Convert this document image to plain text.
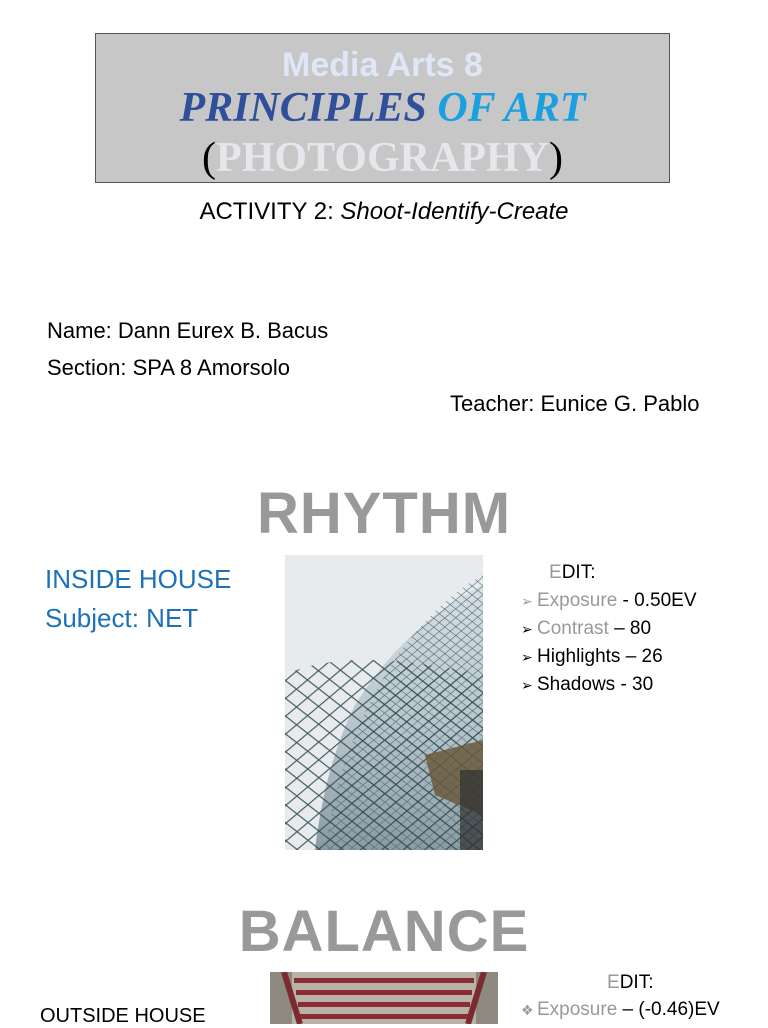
Media Arts 8
PRINCIPLES OF ART
(PHOTOGRAPHY)
ACTIVITY 2: Shoot-Identify-Create
Name: Dann Eurex B. Bacus
Section: SPA 8 Amorsolo
Teacher: Eunice G. Pablo
RHYTHM
INSIDE HOUSE
Subject: NET
EDIT:
➢ Exposure - 0.50EV
➢ Contrast – 80
➢ Highlights – 26
➢ Shadows - 30
BALANCE
EDIT:
❖ Exposure – (-0.46)EV
OUTSIDE HOUSE
